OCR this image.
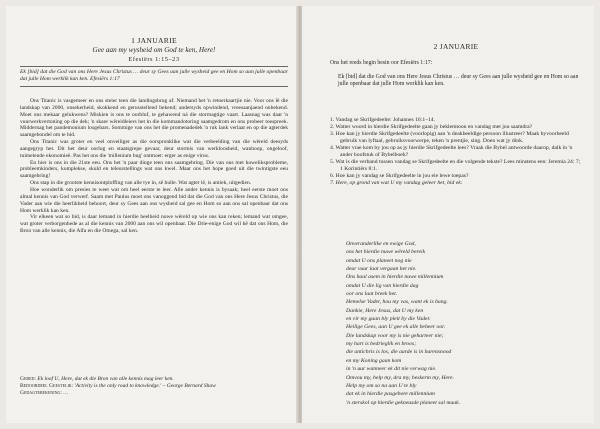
1 JANUARIE
Gee aan my wysheid om God te ken, Here!
Efesiërs 1:15–23
Ek [bid] dat die God van ons Here Jesus Christus … deur sy Gees aan julle wysheid gee en Hom so aan julle openbaar dat julle Hom werklik kan ken. Efesiërs 1:17

Ons Titanic is vasgemeer en ons steier teen die landingsbrug af. Niemand het 'n retoerkaartjie nie. Voor ons lê die landskap van 2000, onsekerheid, skokkend en gerusstellend bekend; andersyds opwindend, vreesaanjaend onbekend. Moet ons mekaar gelukwens? Miskien is ons te oorbluf, te gehawend ná die stormagtige vaart. Laasnag was daar 'n vuurwerkvertoning op die dek; 'n skare wêreldleiers het in die kommandotoring saamgedrom en ons probeer toespreek. Middernag het pandemonium losgebars. Sommige van ons het die promenadedek 'n ruk lank verlaat en op die agterdek saamgebondel om te bid.

Ons Titanic was groter en veel onveiliger as die oorspronklike wat die verbeelding van die wêreld deesyds aangegryp het. Dit het deur oorlog en staatsgrepe gevaar, deur stormis van werkloosheid, wanhoop, ongeloof, tuimelende ekonomieë. Pas het ons die 'millenium bug' ontmoet: erger as enige virus.

En hier is ons in die 21ste eeu. Ons het 'n paar dinge teen ons saamgebring. Die van ons met huweliksprobleme, probleemkinders, komplekse, skuld en teleurstellings wat ons kwel. Maar ons het hope goed uit die twintigste eeu saamgebring!

Ons stap in die grootste kennisontploffing van alle tye in, sê hulle. Wat agter lê, is antiek, uitgedien.

Hoe wonderlik om presies te weet wat om heel eerste te leer. Alle ander kennis is bysaak; heel eerste moet ons almal kennis van God verwerf. Saam met Paulus moet ons vanoggend bid dat die God van ons Here Jesus Christus, die Vader aan wie die heerlikheid behoort, deur sy Gees aan ons wysheid sal gee en Hom so aan ons sal openbaar dat ons Hom werklik kan ken.

Vir elkeen wat so bid, is daar lemand in hierdie heelheid nuwe wêreld op wie ons kan reken; lemand wat omgee, wat groter verborgenhede as al die kennis van 2000 aan ons wil openbaar. Die Drie-enige God wil hê dat ons Hom, die Bron van alle kennis, die Alfa en die Omega, sal ken.

Gebed: Ek loof U, Here, dat ek die Bron van alle kennis mag leer ken.
Bedoordeel Geestelik: 'Activity is the only road to knowledge.' – George Bernard Shaw
Gedagterekening: …
2 JANUARIE
Ons het reeds begin besin oor Efesiërs 1:17:
Ek [bid] dat die God van ons Here Jesus Christus … deur sy Gees aan julle wysheid gee en Hom so aan julle openbaar dat julle Hom werklik kan ken.
1. Vandag se Skrifgedeelte: Johannes 16:1–14.
2. Watter woord in hierdie Skrifgedeelte gaan jy beklemtoon en vandag met jou saamdra?
3. Hoe kan jy hierdie Skrifgedeelte (voorlopig) aan 'n deakbeeldige persoon illustreer? Maak byvoorbeeld gebruik van lyftaal, gebruiksvoorwerpe, teken 'n prentjie, sing. Doen wat jy dink.
4. Watter vrae kom by jou op as jy hierdie Skrifgedeelte lees? Vraak die Bybel antwoorde daarop, dalk in 'n ander hoofstuk of Bybelboek?
5. Wat is die verband tussen vandag se Skrifgedeelte en die volgende tekste? Lees minstens een: Jeremia 24: 7; 1 Korintiërs 8:1.
6. Hoe kan jy vandag se Skrifgedeelte in jou eie lewe toepas?
7. Here, op grond van wat U my vandag geleer het, bid ek:
Onveranderlike en ewige God,
ons het hierdie nuwe wêreld bereik
omdat U ons planeet nog nie
deur vuur laat vergaan het nie.
Ons haal asem in hierdie nuwe millennium
omdat U die lig van hierdie dag
oor ons laat breek het.
Hemelse Vader, hou my vas, want ek is bang.
Dankie, Here Jesus, dat U my ken
en vir my gaan bly pleit by die Vader.
Heilige Gees, aan U gee ek alle beheer oor.
Die landskap voor my is nie geharteer nie;
my hart is bedrieglik en broos;
die antichris is los, die aarde is in barensnood
en my Koning gaan kom
in 'n uur wanneer ek dit nie verwag nie.
Omvou my, help my, dra my, beskerm my, Here.
Help my om so na aan U te bly
dat ek in hierdie pasgebore millennium
'n sterskol op hierdie gekneusde planeet sal maak.
